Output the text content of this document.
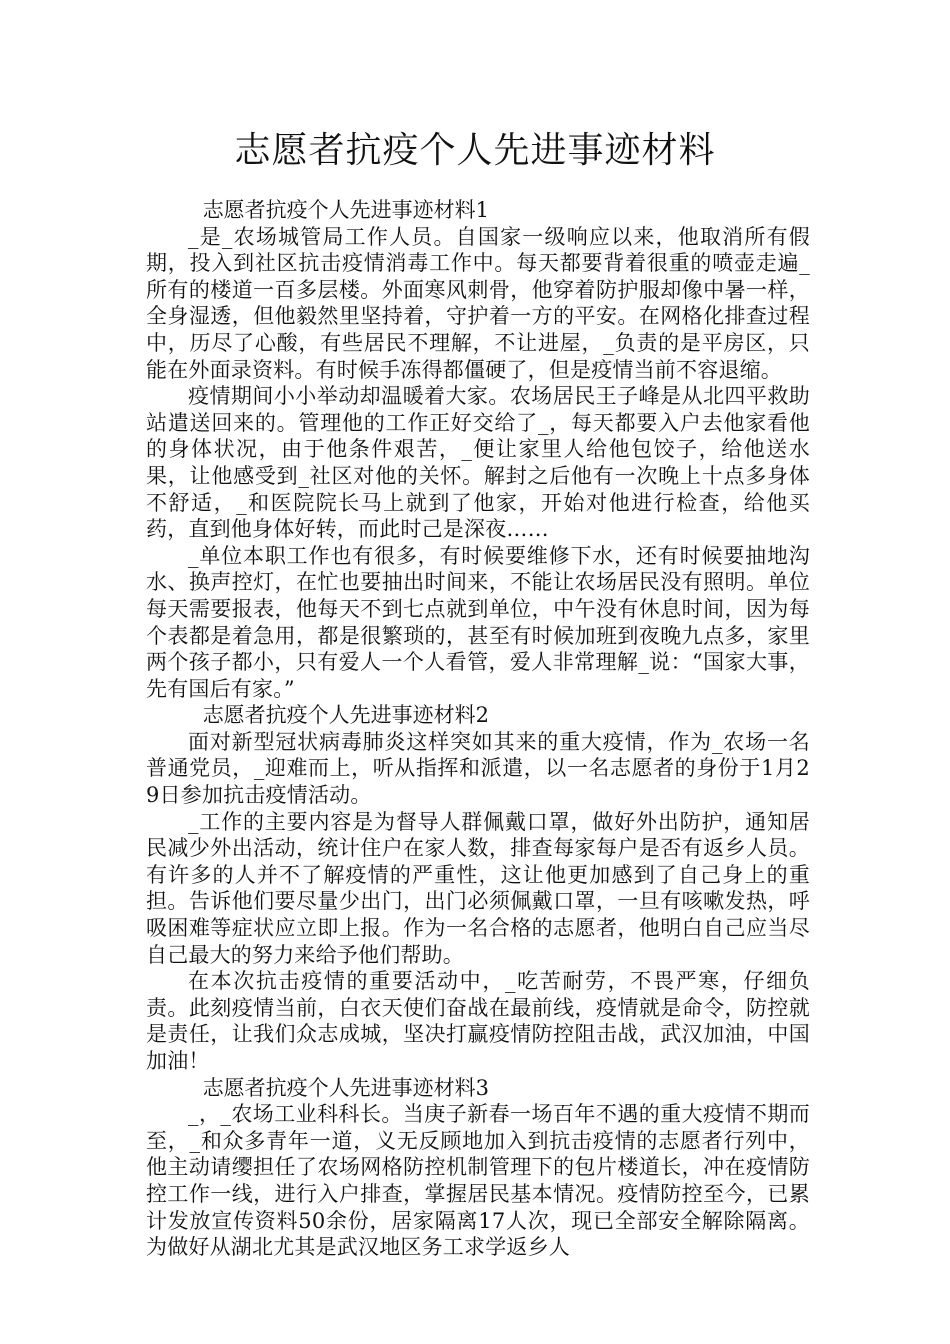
志愿者抗疫个人先进事迹材料

志愿者抗疫个人先进事迹材料1

_是_农场城管局工作人员。自国家一级响应以来，他取消所有假期，投入到社区抗击疫情消毒工作中。每天都要背着很重的喷壶走遍_所有的楼道一百多层楼。外面寒风刺骨，他穿着防护服却像中暑一样，全身湿透，但他毅然里坚持着，守护着一方的平安。在网格化排查过程中，历尽了心酸，有些居民不理解，不让进屋，_负责的是平房区，只能在外面录资料。有时候手冻得都僵硬了，但是疫情当前不容退缩。

疫情期间小小举动却温暖着大家。农场居民王子峰是从北四平救助站遣送回来的。管理他的工作正好交给了_，每天都要入户去他家看他的身体状况，由于他条件艰苦，_便让家里人给他包饺子，给他送水果，让他感受到_社区对他的关怀。解封之后他有一次晚上十点多身体不舒适，_和医院院长马上就到了他家，开始对他进行检查，给他买药，直到他身体好转，而此时己是深夜……

_单位本职工作也有很多，有时候要维修下水，还有时候要抽地沟水、换声控灯，在忙也要抽出时间来，不能让农场居民没有照明。单位每天需要报表，他每天不到七点就到单位，中午没有休息时间，因为每个表都是着急用，都是很繁琐的，甚至有时候加班到夜晚九点多，家里两个孩子都小，只有爱人一个人看管，爱人非常理解_说：“国家大事，先有国后有家。”

志愿者抗疫个人先进事迹材料2

面对新型冠状病毒肺炎这样突如其来的重大疫情，作为_农场一名普通党员，_迎难而上，听从指挥和派遣，以一名志愿者的身份于1月29日参加抗击疫情活动。

_工作的主要内容是为督导人群佩戴口罩，做好外出防护，通知居民减少外出活动，统计住户在家人数，排查每家每户是否有返乡人员。有许多的人并不了解疫情的严重性，这让他更加感到了自己身上的重担。告诉他们要尽量少出门，出门必须佩戴口罩，一旦有咳嗽发热，呼吸困难等症状应立即上报。作为一名合格的志愿者，他明白自己应当尽自己最大的努力来给予他们帮助。

在本次抗击疫情的重要活动中，_吃苦耐劳，不畏严寒，仔细负责。此刻疫情当前，白衣天使们奋战在最前线，疫情就是命令，防控就是责任，让我们众志成城，坚决打赢疫情防控阻击战，武汉加油，中国加油！

志愿者抗疫个人先进事迹材料3

_，_农场工业科科长。当庚子新春一场百年不遇的重大疫情不期而至，_和众多青年一道，义无反顾地加入到抗击疫情的志愿者行列中，他主动请缨担任了农场网格防控机制管理下的包片楼道长，冲在疫情防控工作一线，进行入户排查，掌握居民基本情况。疫情防控至今，已累计发放宣传资料50余份，居家隔离17人次，现已全部安全解除隔离。为做好从湖北尤其是武汉地区务工求学返乡人
